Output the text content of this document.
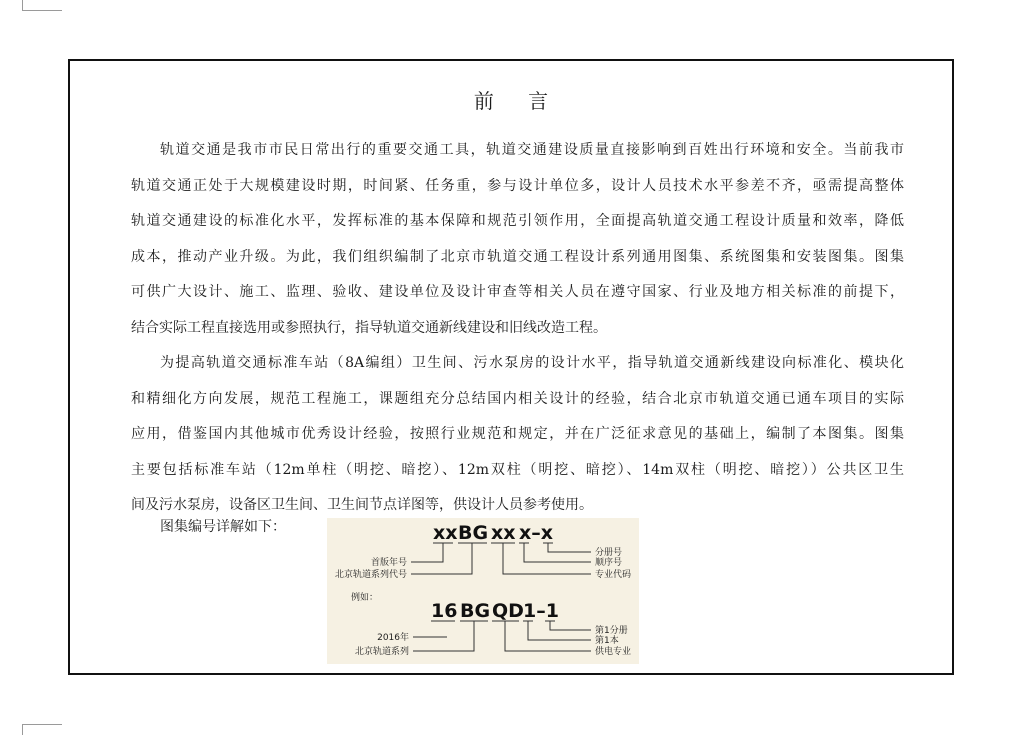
前 言
轨道交通是我市市民日常出行的重要交通工具，轨道交通建设质量直接影响到百姓出行环境和安全。当前我市
轨道交通正处于大规模建设时期，时间紧、任务重，参与设计单位多，设计人员技术水平参差不齐，亟需提高整体
轨道交通建设的标准化水平，发挥标准的基本保障和规范引领作用，全面提高轨道交通工程设计质量和效率，降低
成本，推动产业升级。为此，我们组织编制了北京市轨道交通工程设计系列通用图集、系统图集和安装图集。图集
可供广大设计、施工、监理、验收、建设单位及设计审查等相关人员在遵守国家、行业及地方相关标准的前提下，
结合实际工程直接选用或参照执行，指导轨道交通新线建设和旧线改造工程。
为提高轨道交通标准车站（8A编组）卫生间、污水泵房的设计水平，指导轨道交通新线建设向标准化、模块化
和精细化方向发展，规范工程施工，课题组充分总结国内相关设计的经验，结合北京市轨道交通已通车项目的实际
应用，借鉴国内其他城市优秀设计经验，按照行业规范和规定，并在广泛征求意见的基础上，编制了本图集。图集
主要包括标准车站（12m单柱（明挖、暗挖）、12m双柱（明挖、暗挖）、14m双柱（明挖、暗挖））公共区卫生
间及污水泵房，设备区卫生间、卫生间节点详图等，供设计人员参考使用。
图集编号详解如下：	xx BG xx x–x
首版年号
北京轨道系列代号
分册号
顺序号
专业代码
例如：
16 BG QD 1–1
2016年
北京轨道系列
第1分册
第1本
供电专业
